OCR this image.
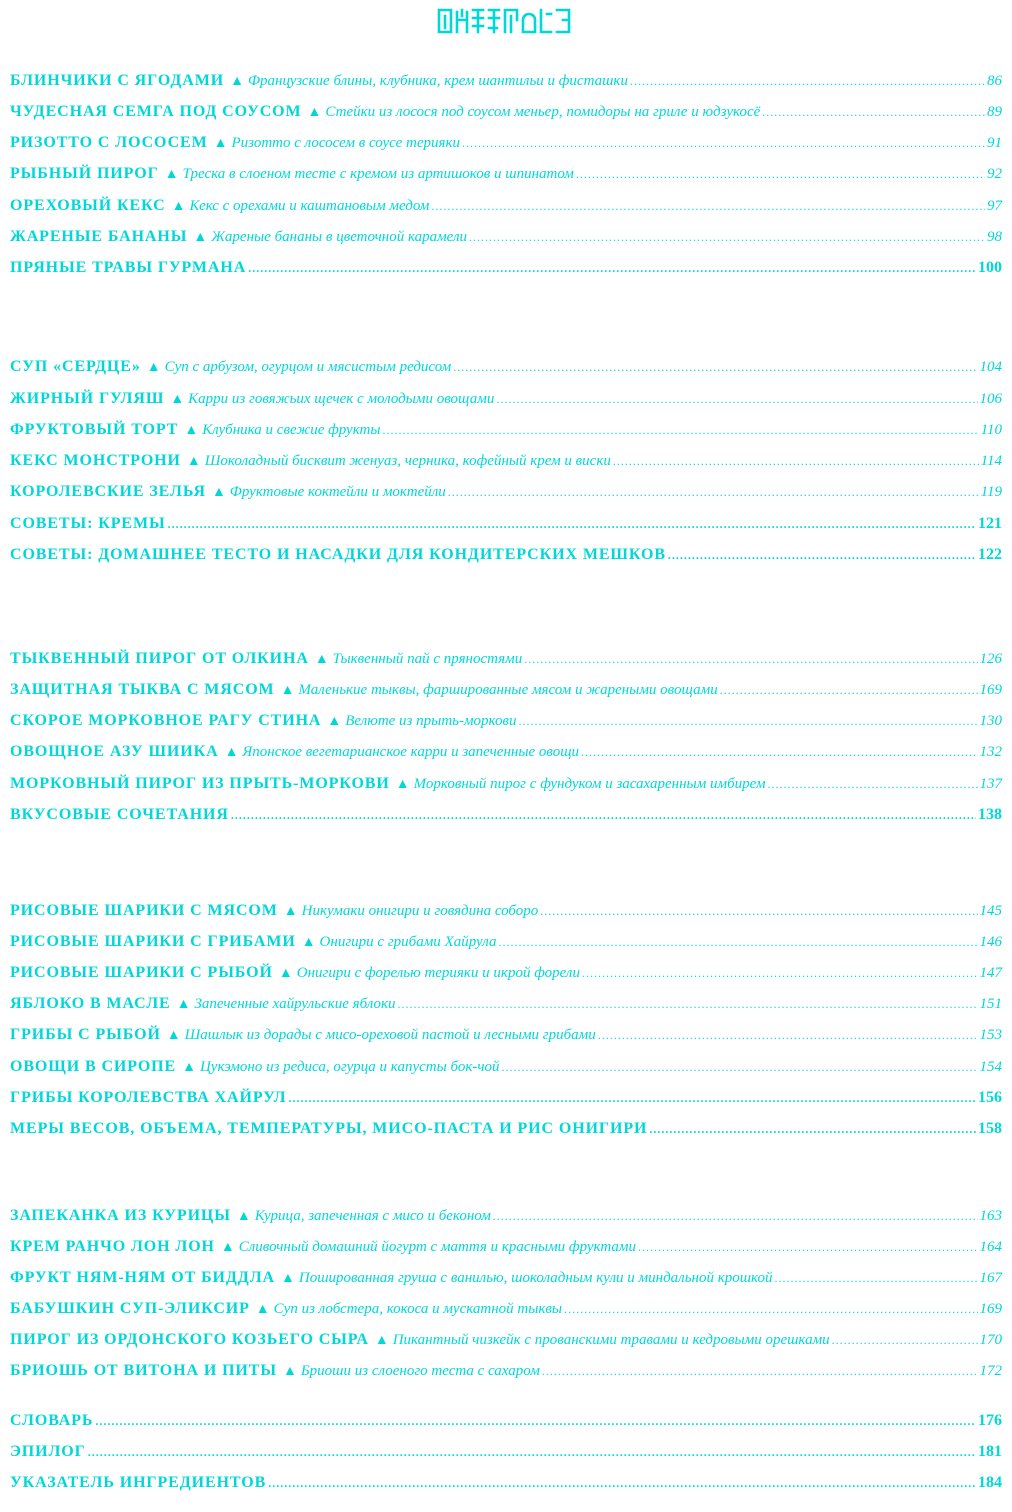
БЛИНЧИКИ С ЯГОДАМИ ▲ Французские блины, клубника, крем шантильи и фисташки .....	86
ЧУДЕСНАЯ СЕМГА ПОД СОУСОМ ▲ Стейки из лосося под соусом меньер, помидоры на гриле и юдзукосё .....	89
РИЗОТТО С ЛОСОСЕМ ▲ Ризотто с лососем в соусе терияки .....	91
РЫБНЫЙ ПИРОГ ▲ Треска в слоеном тесте с кремом из артишоков и шпинатом .....	92
ОРЕХОВЫЙ КЕКС ▲ Кекс с орехами и каштановым медом .....	97
ЖАРЕНЫЕ БАНАНЫ ▲ Жареные бананы в цветочной карамели .....	98
ПРЯНЫЕ ТРАВЫ ГУРМАНА .....	100
СУП «СЕРДЦЕ» ▲ Суп с арбузом, огурцом и мясистым редисом .....	104
ЖИРНЫЙ ГУЛЯШ ▲ Карри из говяжьих щечек с молодыми овощами .....	106
ФРУКТОВЫЙ ТОРТ ▲ Клубника и свежие фрукты .....	110
КЕКС МОНСТРОНИ ▲ Шоколадный бисквит женуаз, черника, кофейный крем и виски .....	114
КОРОЛЕВСКИЕ ЗЕЛЬЯ ▲ Фруктовые коктейли и моктейли .....	119
СОВЕТЫ: КРЕМЫ .....	121
СОВЕТЫ: ДОМАШНЕЕ ТЕСТО И НАСАДКИ ДЛЯ КОНДИТЕРСКИХ МЕШКОВ .....	122
ТЫКВЕННЫЙ ПИРОГ ОТ ОЛКИНА ▲ Тыквенный пай с пряностями .....	126
ЗАЩИТНАЯ ТЫКВА С МЯСОМ ▲ Маленькие тыквы, фаршированные мясом и жареными овощами .....	169
СКОРОЕ МОРКОВНОЕ РАГУ СТИНА ▲ Велюте из прыть-моркови .....	130
ОВОЩНОЕ АЗУ ШИИКА ▲ Японское вегетарианское карри и запеченные овощи .....	132
МОРКОВНЫЙ ПИРОГ ИЗ ПРЫТЬ-МОРКОВИ ▲ Морковный пирог с фундуком и засахаренным имбирем .....	137
ВКУСОВЫЕ СОЧЕТАНИЯ .....	138
РИСОВЫЕ ШАРИКИ С МЯСОМ ▲ Никумаки онигири и говядина соборо .....	145
РИСОВЫЕ ШАРИКИ С ГРИБАМИ ▲ Онигири с грибами Хайрула .....	146
РИСОВЫЕ ШАРИКИ С РЫБОЙ ▲ Онигири с форелью терияки и икрой форели .....	147
ЯБЛОКО В МАСЛЕ ▲ Запеченные хайрульские яблоки .....	151
ГРИБЫ С РЫБОЙ ▲ Шашлык из дорады с мисо-ореховой пастой и лесными грибами .....	153
ОВОЩИ В СИРОПЕ ▲ Цукэмоно из редиса, огурца и капусты бок-чой .....	154
ГРИБЫ КОРОЛЕВСТВА ХАЙРУЛ .....	156
МЕРЫ ВЕСОВ, ОБЪЕМА, ТЕМПЕРАТУРЫ, МИСО-ПАСТА И РИС ОНИГИРИ .....	158
ЗАПЕКАНКА ИЗ КУРИЦЫ ▲ Курица, запеченная с мисо и беконом .....	163
КРЕМ РАНЧО ЛОН ЛОН ▲ Сливочный домашний йогурт с маття и красными фруктами .....	164
ФРУКТ НЯМ-НЯМ ОТ БИДДЛА ▲ Пошированная груша с ванилью, шоколадным кули и миндальной крошкой .....	167
БАБУШКИН СУП-ЭЛИКСИР ▲ Суп из лобстера, кокоса и мускатной тыквы .....	169
ПИРОГ ИЗ ОРДОНСКОГО КОЗЬЕГО СЫРА ▲ Пикантный чизкейк с прованскими травами и кедровыми орешками .....	170
БРИОШЬ ОТ ВИТОНА И ПИТЫ ▲ Бриоши из слоеного теста с сахаром .....	172
СЛОВАРЬ .....	176
ЭПИЛОГ .....	181
УКАЗАТЕЛЬ ИНГРЕДИЕНТОВ .....	184
